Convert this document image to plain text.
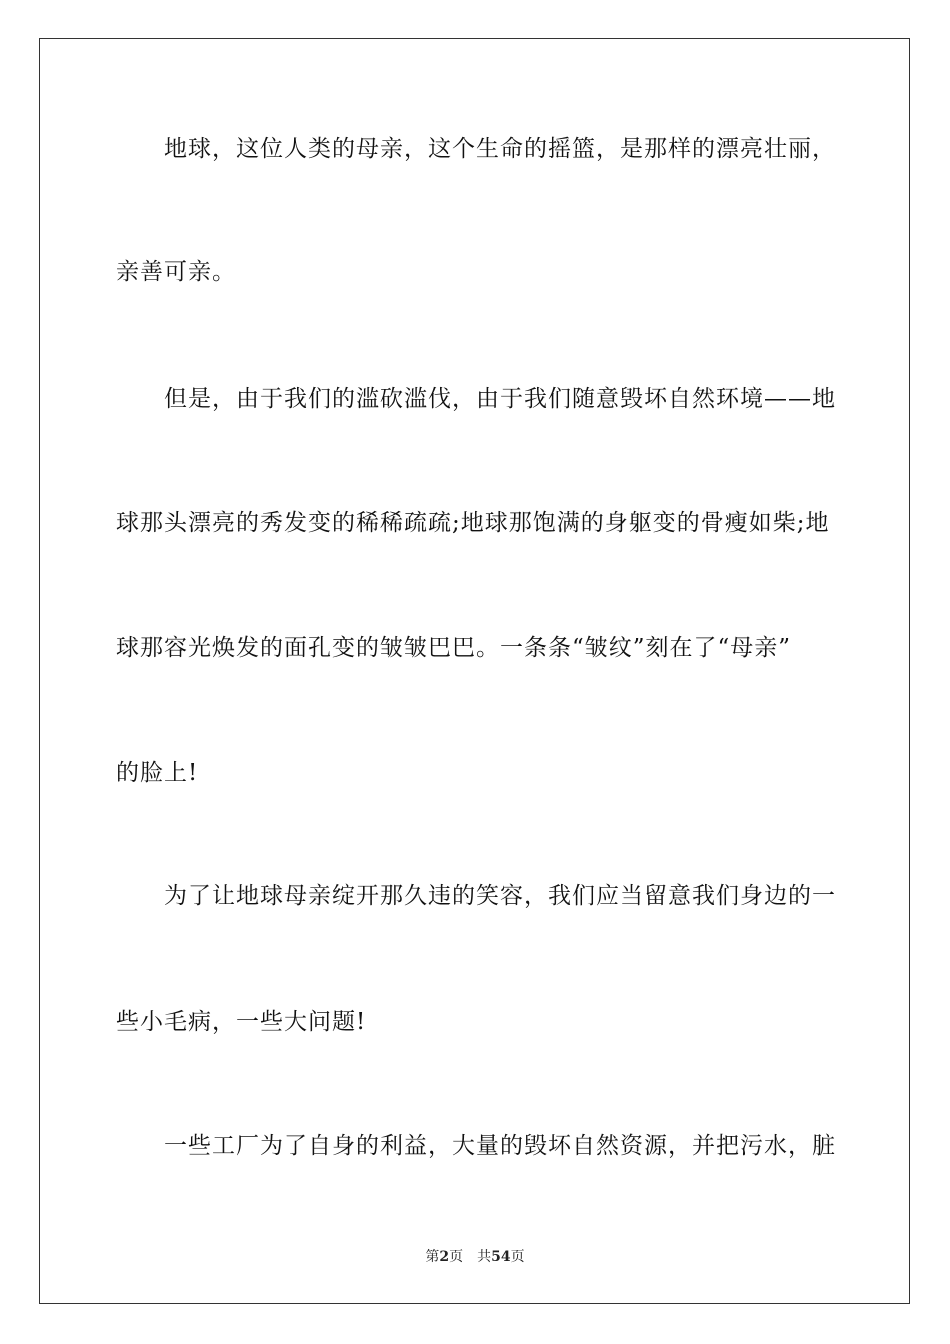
地球，这位人类的母亲，这个生命的摇篮，是那样的漂亮壮丽，
亲善可亲。
但是，由于我们的滥砍滥伐，由于我们随意毁坏自然环境——地
球那头漂亮的秀发变的稀稀疏疏;地球那饱满的身躯变的骨瘦如柴;地
球那容光焕发的面孔变的皱皱巴巴。一条条“皱纹”刻在了“母亲”
的脸上!
为了让地球母亲绽开那久违的笑容，我们应当留意我们身边的一
些小毛病，一些大问题!
一些工厂为了自身的利益，大量的毁坏自然资源，并把污水，脏
第2页 共54页
